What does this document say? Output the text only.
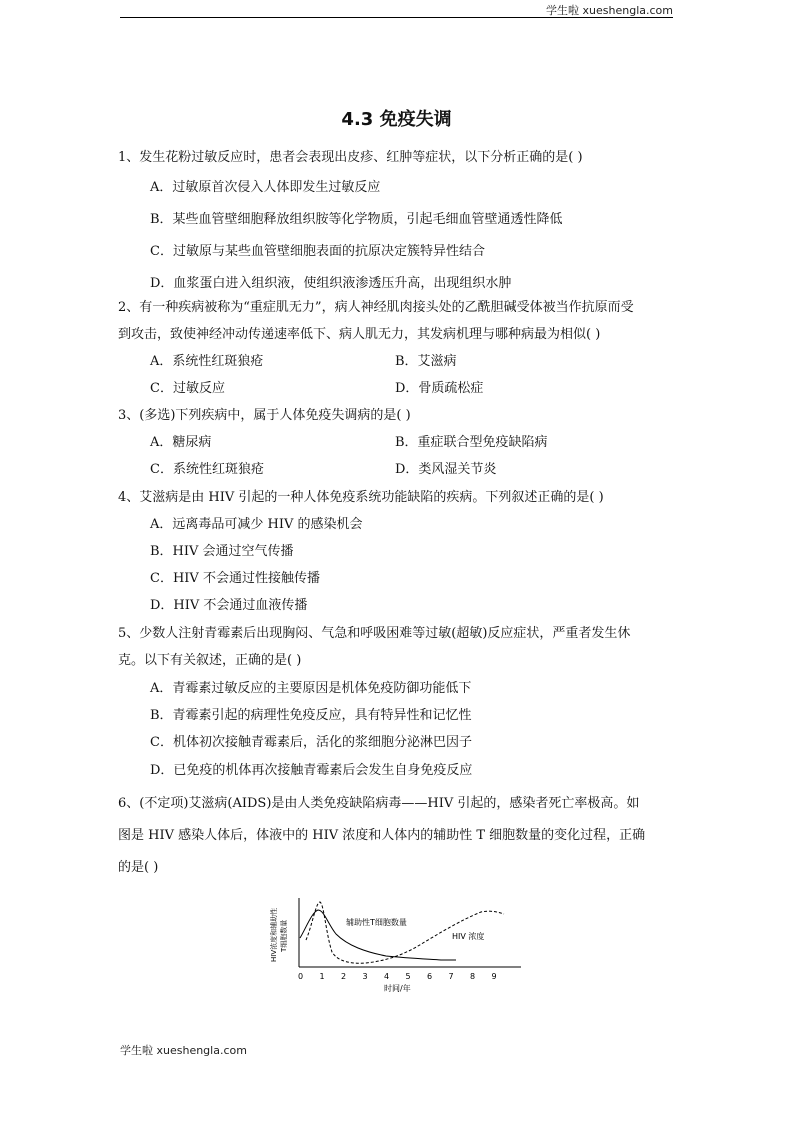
学生啦 xueshengla.com
4.3 免疫失调
1、发生花粉过敏反应时，患者会表现出皮疹、红肿等症状，以下分析正确的是( )
A．过敏原首次侵入人体即发生过敏反应
B．某些血管壁细胞释放组织胺等化学物质，引起毛细血管壁通透性降低
C．过敏原与某些血管壁细胞表面的抗原决定簇特异性结合
D．血浆蛋白进入组织液，使组织液渗透压升高，出现组织水肿
2、有一种疾病被称为“重症肌无力”，病人神经肌肉接头处的乙酰胆碱受体被当作抗原而受
到攻击，致使神经冲动传递速率低下、病人肌无力，其发病机理与哪种病最为相似( )
A．系统性红斑狼疮	B．艾滋病
C．过敏反应	D．骨质疏松症
3、(多选)下列疾病中，属于人体免疫失调病的是( )
A．糖尿病	B．重症联合型免疫缺陷病
C．系统性红斑狼疮	D．类风湿关节炎
4、艾滋病是由 HIV 引起的一种人体免疫系统功能缺陷的疾病。下列叙述正确的是( )
A．远离毒品可减少 HIV 的感染机会
B．HIV 会通过空气传播
C．HIV 不会通过性接触传播
D．HIV 不会通过血液传播
5、少数人注射青霉素后出现胸闷、气急和呼吸困难等过敏(超敏)反应症状，严重者发生休
克。以下有关叙述，正确的是( )
A．青霉素过敏反应的主要原因是机体免疫防御功能低下
B．青霉素引起的病理性免疫反应，具有特异性和记忆性
C．机体初次接触青霉素后，活化的浆细胞分泌淋巴因子
D．已免疫的机体再次接触青霉素后会发生自身免疫反应
6、(不定项)艾滋病(AIDS)是由人类免疫缺陷病毒——HIV 引起的，感染者死亡率极高。如
图是 HIV 感染人体后，体液中的 HIV 浓度和人体内的辅助性 T 细胞数量的变化过程，正确
的是( )
HIV浓度和辅助性 T细胞数量	辅助性T细胞数量
HIV 浓度
0 1 2 3 4 5 6 7 8 9
时间/年
学生啦 xueshengla.com
